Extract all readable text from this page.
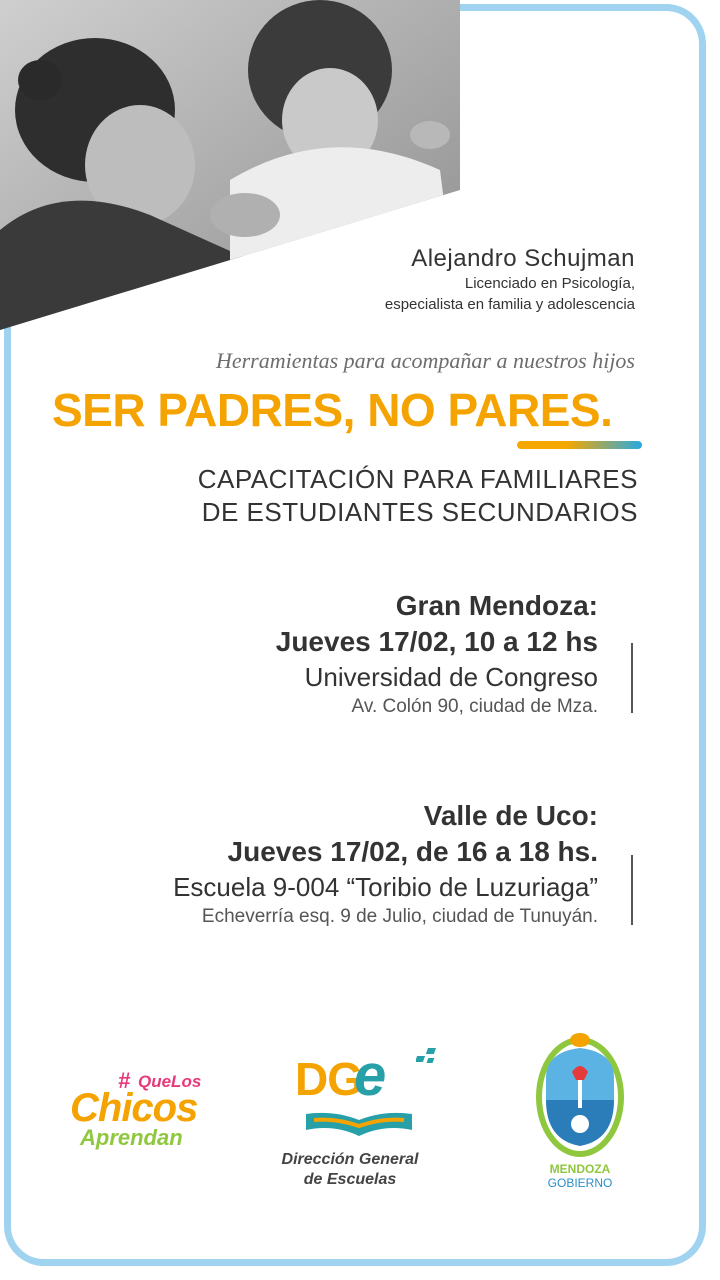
Alejandro Schujman
Licenciado en Psicología,
especialista en familia y adolescencia
Herramientas para acompañar a nuestros hijos
SER PADRES, NO PARES.
CAPACITACIÓN PARA FAMILIARES
DE ESTUDIANTES SECUNDARIOS
Gran Mendoza:
Jueves 17/02, 10 a 12 hs
Universidad de Congreso
Av. Colón 90, ciudad de Mza.
Valle de Uco:
Jueves 17/02, de 16 a 18 hs.
Escuela 9-004 “Toribio de Luzuriaga”
Echeverría esq. 9 de Julio, ciudad de Tunuyán.
# QueLos
Chicos
Aprendan
DG
e
Dirección General
de Escuelas
MENDOZA
GOBIERNO
